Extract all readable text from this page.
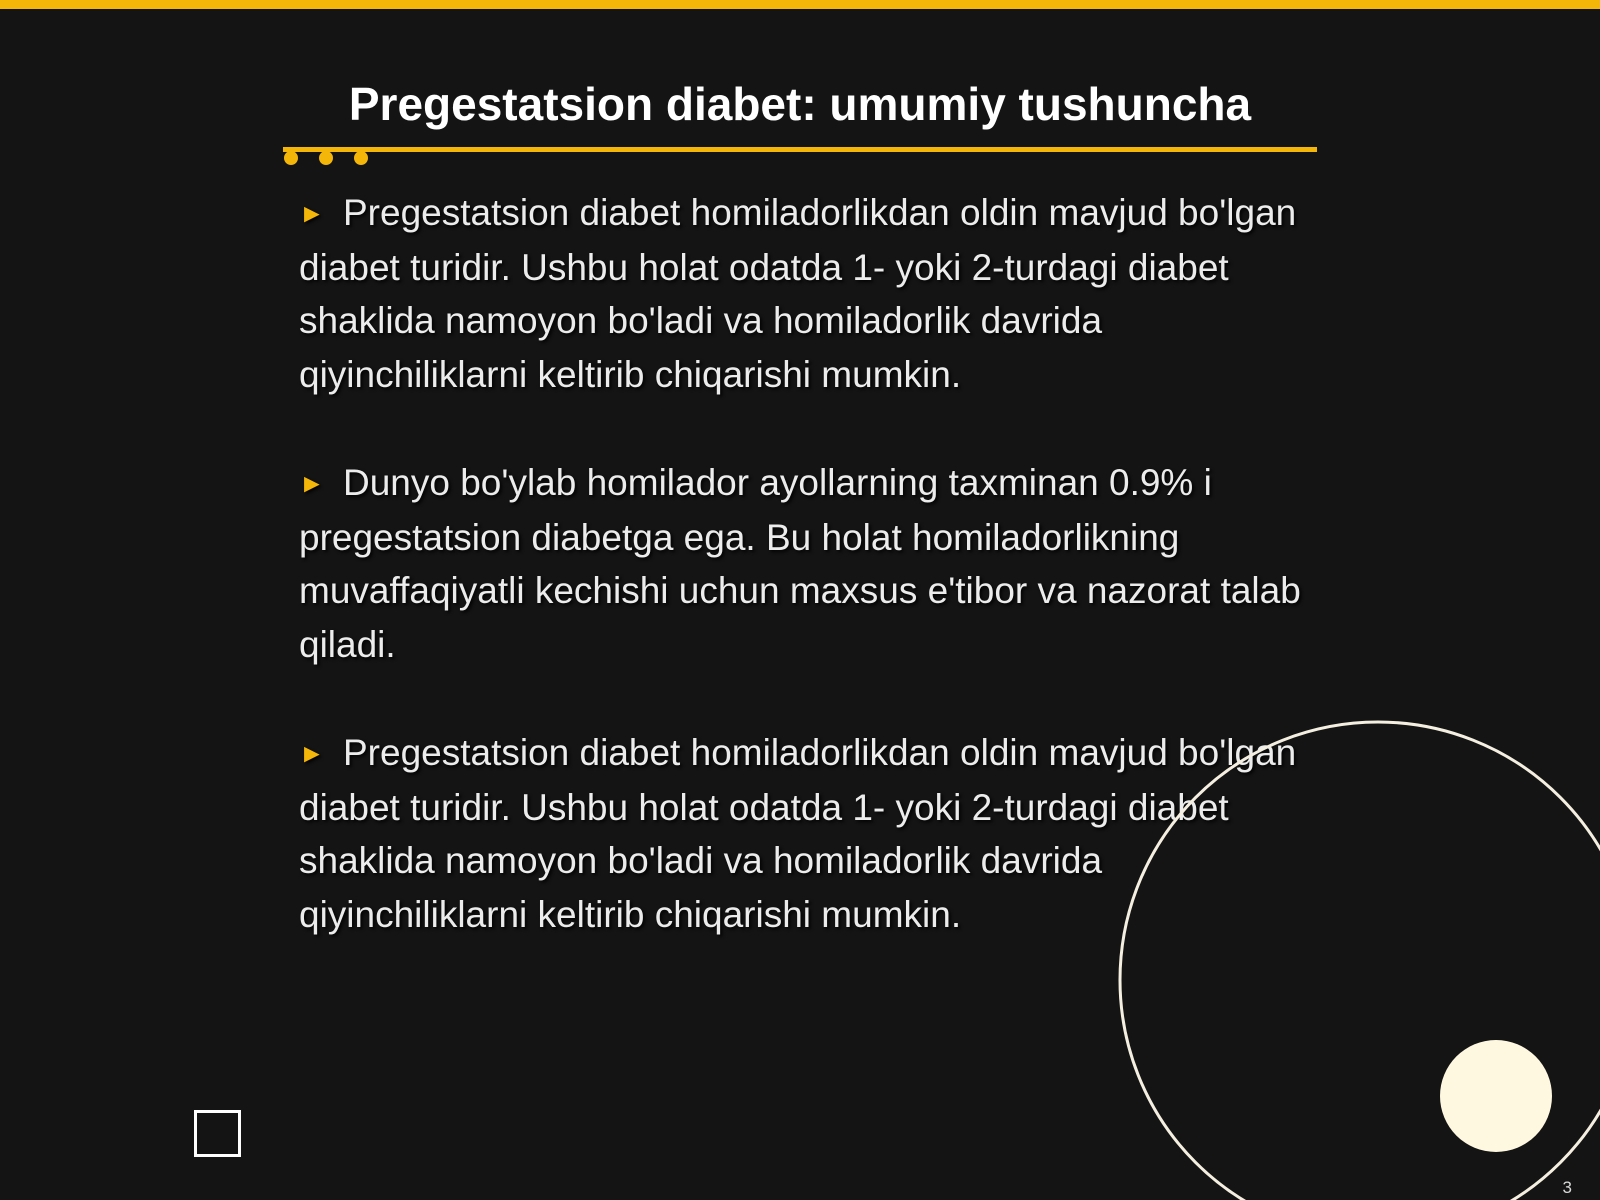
Pregestatsion diabet: umumiy tushuncha

► Pregestatsion diabet homiladorlikdan oldin mavjud bo'lgan diabet turidir. Ushbu holat odatda 1- yoki 2-turdagi diabet shaklida namoyon bo'ladi va homiladorlik davrida qiyinchiliklarni keltirib chiqarishi mumkin.

► Dunyo bo'ylab homilador ayollarning taxminan 0.9% i pregestatsion diabetga ega. Bu holat homiladorlikning muvaffaqiyatli kechishi uchun maxsus e'tibor va nazorat talab qiladi.

► Pregestatsion diabet homiladorlikdan oldin mavjud bo'lgan diabet turidir. Ushbu holat odatda 1- yoki 2-turdagi diabet shaklida namoyon bo'ladi va homiladorlik davrida qiyinchiliklarni keltirib chiqarishi mumkin.

3
